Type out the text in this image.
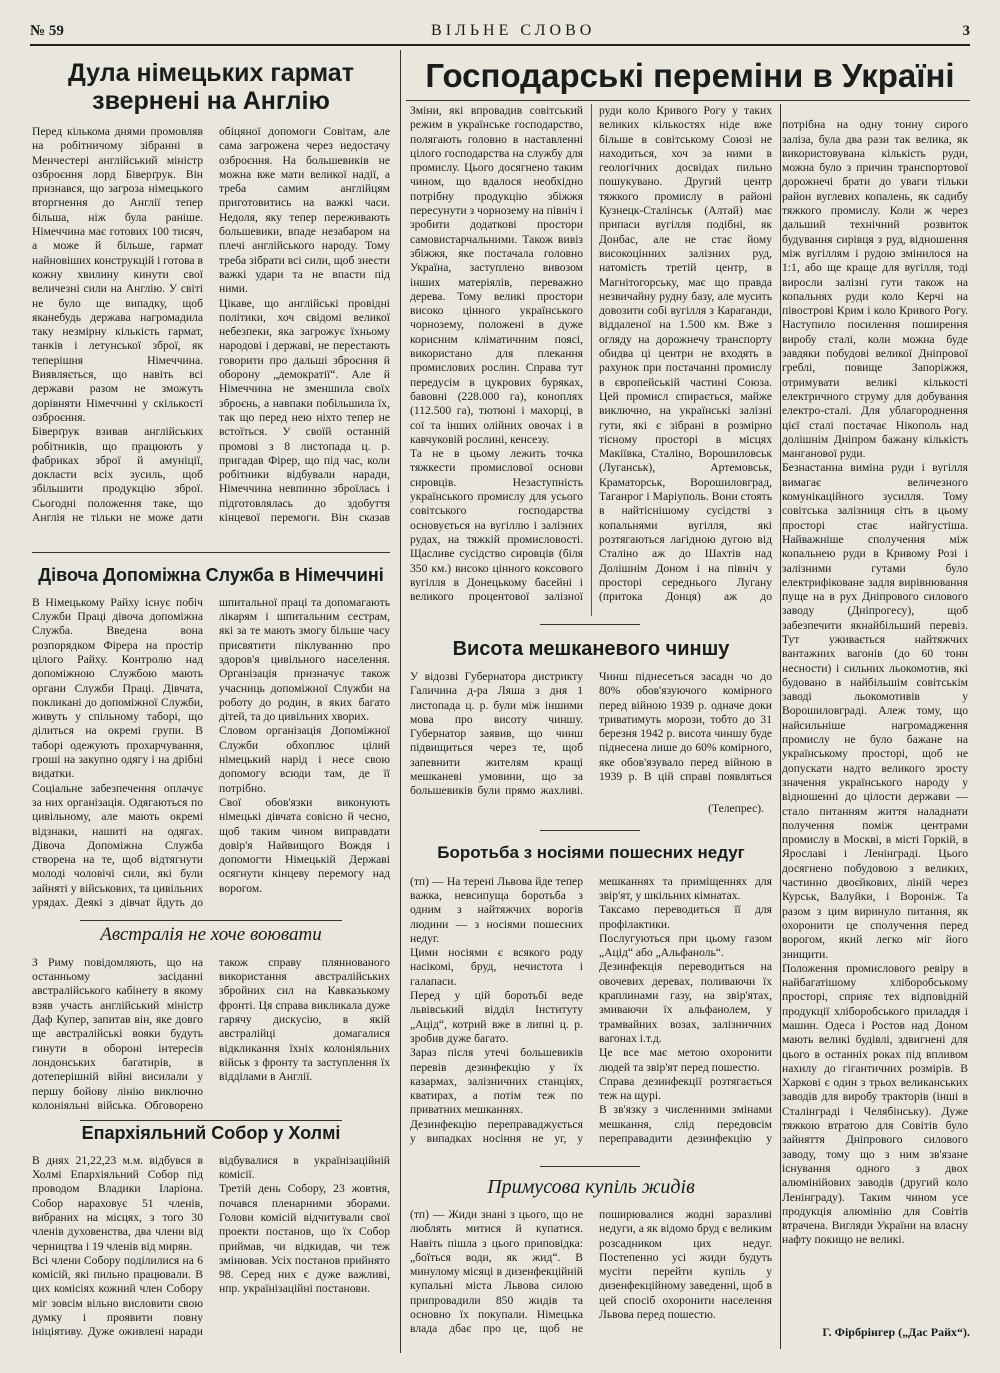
№ 59	ВІЛЬНЕ СЛОВО	3
Дула німецьких гармат звернені на Англію
Перед кількома днями промовляв на робітничому зібранні в Менчестері англійський міністр озброєння лорд Біверґрук. Він признався, що загроза німецького вторгнення до Англії тепер більша, ніж була раніше. Німеччина має готових 100 тисяч, а може й більше, гармат найновіших конструкцій і готова в кожну хвилину кинути свої величезні сили на Англію. У світі не було ще випадку, щоб яканебудь держава нагромадила таку незмірну кількість гармат, танків і летунської зброї, як теперішня Німеччина. Виявляється, що навіть всі держави разом не зможуть дорівняти Німеччині у скількості озброєння.
Біверґрук взивав англійських робітників, що працюють у фабриках зброї й амуніції, докласти всіх зусиль, щоб збільшити продукцію зброї. Сьогодні положення таке, що Англія не тільки не може дати обіцяної допомоги Совітам, але сама загрожена через недостачу озброєння. На большевиків не можна вже мати великої надії, а треба самим англійцям приготовитись на важкі часи. Недоля, яку тепер переживають большевики, впаде незабаром на плечі англійського народу. Тому треба зібрати всі сили, щоб знести важкі удари та не впасти під ними.
Цікаве, що англійські провідні політики, хоч свідомі великої небезпеки, яка загрожує їхньому народові і державі, не перестають говорити про дальші зброєння й оборону „демократії“. Але й Німеччина не зменшила своїх зброєнь, а навпаки побільшила їх, так що перед нею ніхто тепер не встоїться. У своїй останній промові з 8 листопада ц. р. пригадав Фірер, що під час, коли робітники відбували наради, Німеччина невпинно зброїлась і підготовлялась до здобуття кінцевої перемоги. Він сказав
Дівоча Допоміжна Служба в Німеччині
В Німецькому Райху існує побіч Служби Праці дівоча допоміжна Служба. Введена вона розпорядком Фірера на простір цілого Райху. Контролю над допоміжною Службою мають органи Служби Праці. Дівчата, покликані до допоміжної Служби, живуть у спільному таборі, що ділиться на окремі групи. В таборі одежують прохарчування, гроші на закупно одягу і на дрібні видатки.
Соціальне забезпечення оплачує за них організація. Одягаються по цивільному, але мають окремі відзнаки, нашиті на одягах. Дівоча Допоміжна Служба створена на те, щоб відтягнути молоді чоловічі сили, які були зайняті у військових, та цивільних урядах. Деякі з дівчат йдуть до шпитальної праці та допомагають лікарям і шпитальним сестрам, які за те мають змогу більше часу присвятити піклуванню про здоров'я цивільного населення. Організація призначує також учасниць допоміжної Служби на роботу до родин, в яких багато дітей, та до цивільних хворих.
Словом організація Допоміжної Служби обхоплює цілий німецький нарід і несе свою допомогу всюди там, де її потрібно.
Свої обов'язки виконують німецькі дівчата совісно й чесно, щоб таким чином виправдати довір'я Найвищого Вождя і допомогти Німецькій Державі осягнути кінцеву перемогу над ворогом.
Австралія не хоче воювати
З Риму повідомляють, що на останньому засіданні австралійського кабінету в якому взяв участь англійський міністр Даф Купер, запитав він, яке довго ще австралійські вояки будуть гинути в обороні інтересів лондонських багатирів, в дотеперішній війні висилали у першу бойову лінію виключно колоніяльні війська. Обговорено також справу пляннованого використання австралійських збройних сил на Кавказькому фронті. Ця справа викликала дуже гарячу дискусію, в якій австралійці домагалися відкликання їхніх колоніяльних військ з фронту та заступлення їх відділами в Англії.
Епархіяльний Собор у Холмі
В днях 21,22,23 м.м. відбувся в Холмі Епархіяльний Собор під проводом Владики Іларіона. Собор нараховує 51 членів, вибраних на місцях, з того 30 членів духовенства, два члени від черництва і 19 членів від мирян.
Всі члени Собору поділилися на 6 комісій, які пильно працювали. В цих комісіях кожний член Собору міг зовсім вільно висловити свою думку і проявити повну ініціятиву. Дуже оживлені наради відбувалися в українізаційній комісії.
Третій день Собору, 23 жовтня, почався пленарними зборами. Голови комісій відчитували свої проекти постанов, що їх Собор приймав, чи відкидав, чи теж змінював. Усіх постанов прийнято 98. Серед них є дуже важливі, нпр. українізаційні постанови.
Господарські переміни в Україні

потрібна на одну тонну сирого заліза, була два рази так велика, як використовувана кількість руди, можна було з причин транспортової дорожнечі брати до уваги тільки район вуглевих копалень, як садибу тяжкого промислу. Коли ж через дальший технічний розвиток будування сирівця з руд, відношення між вугіллям і рудою змінилося на 1:1, або ще краще для вугілля, тоді виросли залізні гути також на копальнях руди коло Керчі на півострові Крим і коло Кривого Рогу. Наступило посилення поширення виробу сталі, коли можна буде завдяки побудові великої Дніпрової греблі, повище Запоріжжя, отримувати великі кількості електричного струму для добування електро-сталі. Для ублагороднення цієї сталі постачає Нікополь над долішнім Дніпром бажану кількість манганової руди.
Безнастанна виміна руди і вугілля вимагає величезного комунікаційного зусилля. Тому совітська залізниця сіть в цьому просторі стає найгустіша. Найважніше сполучення між копальнею руди в Кривому Розі і залізними гутами було електрифіковане задля вирівнювання пуще на в рух Дніпрового силового заводу (Дніпрогесу), щоб забезпечити якнайбільший перевіз. Тут уживається найтяжчих вантажних вагонів (до 60 тонн несности) і сильних льокомотив, які будовано в найбільшім совітськім заводі льокомотивів у Ворошиловграді. Алеж тому, що найсильніше нагромадження промислу не було бажане на українському просторі, щоб не допускати надто великого зросту значення українського народу у відношенні до цілости держави — стало питанням життя наладнати получення поміж центрами промислу в Москві, в місті Горкій, в Ярославі і Ленінграді. Цього досягнено побудовою з великих, частинно двоєйкових, ліній через Курськ, Валуйки, і Вороніж. Та разом з цим виринуло питання, як охоронити це сполучення перед ворогом, який легко міг його знищити.
Положення промислового ревіру в найбагатішому хліборобському просторі, сприяє тех відповідній продукції хліборобського приладдя і машин. Одеса і Ростов над Доном мають великі будівлі, здвигнені для цього в останніх роках під впливом нахилу до гігантичних розмірів. В Харкові є один з трьох великанських заводів для виробу тракторів (інші в Сталінграді і Челябінську). Дуже тяжкою втратою для Совітів було зайняття Дніпрового силового заводу, тому що з ним зв'язане існування одного з двох алюмінійових заводів (другий коло Ленінграду). Таким чином усе продукція алюмінію для Совітів втрачена. Вигляди України на власну нафту покищо не великі.

Г. Фірбрінгер („Дас Райх“).
Зміни, які впровадив совітський режим в українське господарство, полягають головно в наставленні цілого господарства на службу для промислу. Цього досягнено таким чином, що вдалося необхідно потрібну продукцію збіжжя пересунути з чорнозему на північ і зробити додаткові простори самовистарчальними. Також вивіз збіжжя, яке постачала головно Україна, заступлено вивозом інших матеріялів, переважно дерева. Тому великі простори високо цінного українського чорнозему, положені в дуже корисним кліматичним поясі, використано для плекання промислових рослин. Справа тут передусім в цукрових буряках, бавовні (228.000 га), коноплях (112.500 га), тютюні і махорці, в сої та інших олійних овочах і в кавчуковій рослині, кенсезу.
Та не в цьому лежить точка тяжкести промислової основи сировців. Незаступність українського промислу для усього совітського господарства основується на вугіллю і залізних рудах, на тяжкій промисловості. Щасливе сусідство сировців (біля 350 км.) високо цінного коксового вугілля в Донецькому басейні і великого процентової залізної руди коло Кривого Рогу у таких великих кількостях ніде вже більше в совітському Союзі не находиться, хоч за ними в геологічних досвідах пильно пошукувано. Другий центр тяжкого промислу в районі Кузнецк-Сталінськ (Алтай) має припаси вугілля подібні, як Донбас, але не стає йому високоцінних залізних руд, натомість третій центр, в Магнітогорську, має що правда незвичайну рудну базу, але мусить довозити собі вугілля з Караганди, віддаленої на 1.500 км. Вже з огляду на дорожнечу транспорту обидва ці центри не входять в рахунок при постачанні промислу в європейській частині Союза. Цей промисл спирається, майже виключно, на українські залізні гути, які є зібрані в розмірно тісному просторі в місцях Макіївка, Сталіно, Ворошиловськ (Луганськ), Артемовськ, Краматорськ, Ворошиловград, Таганрог і Маріуполь. Вони стоять в найтіснішому сусідстві з копальнями вугілля, які розтягаються лагідною дугою від Сталіно аж до Шахтів над Долішнім Доном і на північ у просторі середнього Лугану (притока Донця) аж до
Висота мешканевого чиншу
У відозві Губернатора дистрикту Галичина д-ра Ляша з дня 1 листопада ц. р. були між іншими мова про висоту чиншу. Губернатор заявив, що чинш підвищиться через те, щоб запевнити жителям кращі мешканеві умовини, що за большевиків були прямо жахливі. Чинш піднесеться засадн чо до 80% обов'язуючого комірного перед війною 1939 р. одначе доки триватимуть морози, тобто до 31 березня 1942 р. висота чиншу буде піднесена лише до 60% комірного, яке обов'язувало перед війною в 1939 р. В цій справі появляться
(Телепрес).
Боротьба з носіями пошесних недуг
(тп) — На терені Львова йде тепер важка, невсипуща боротьба з одним з найтяжчих ворогів людини — з носіями пошесних недуг.
Цими носіями є всякого роду насікомі, бруд, нечистота і галапаси.
Перед у цій боротьбі веде львівський відділ Інституту „Ацід“, котрий вже в липні ц. р. зробив дуже багато.
Зараз після утечі большевиків перевів дезинфекцію у їх казармах, залізничних станціях, кватирах, а потім теж по приватних мешканнях.
Дезинфекцію переправаджується у випадках носіння не уг, у мешканнях та приміщеннях для звір'ят, у шкільних кімнатах.
Таксамо переводиться її для профілактики.
Послугуються при цьому газом „Ацід“ або „Альфаноль“.
Дезинфекція переводиться на овочевих деревах, поливаючи їх краплинами газу, на звір'ятах, змиваючи їх альфанолем, у трамвайних возах, залізничних вагонах і.т.д.
Це все має метою охоронити людей та звір'ят перед пошестю.
Справа дезинфекції розтягається теж на щурі.
В зв'язку з численними змінами мешкання, слід передовсім переправадити дезинфекцію у
Примусова купіль жидів
(тп) — Жиди знані з цього, що не люблять митися й купатися. Навіть пішла з цього приповідка: „боїться води, як жид“. В минулому місяці в дизенфекційній купальні міста Львова силою припровадили 850 жидів та основно їх покупали. Німецька влада дбає про це, щоб не поширювалися жодні заразливі недуги, а як відомо бруд є великим розсадником цих недуг. Постепенно усі жиди будуть мусіти перейти купіль у дизенфекційному заведенні, щоб в цей спосіб охоронити населення Львова перед пошестю.
